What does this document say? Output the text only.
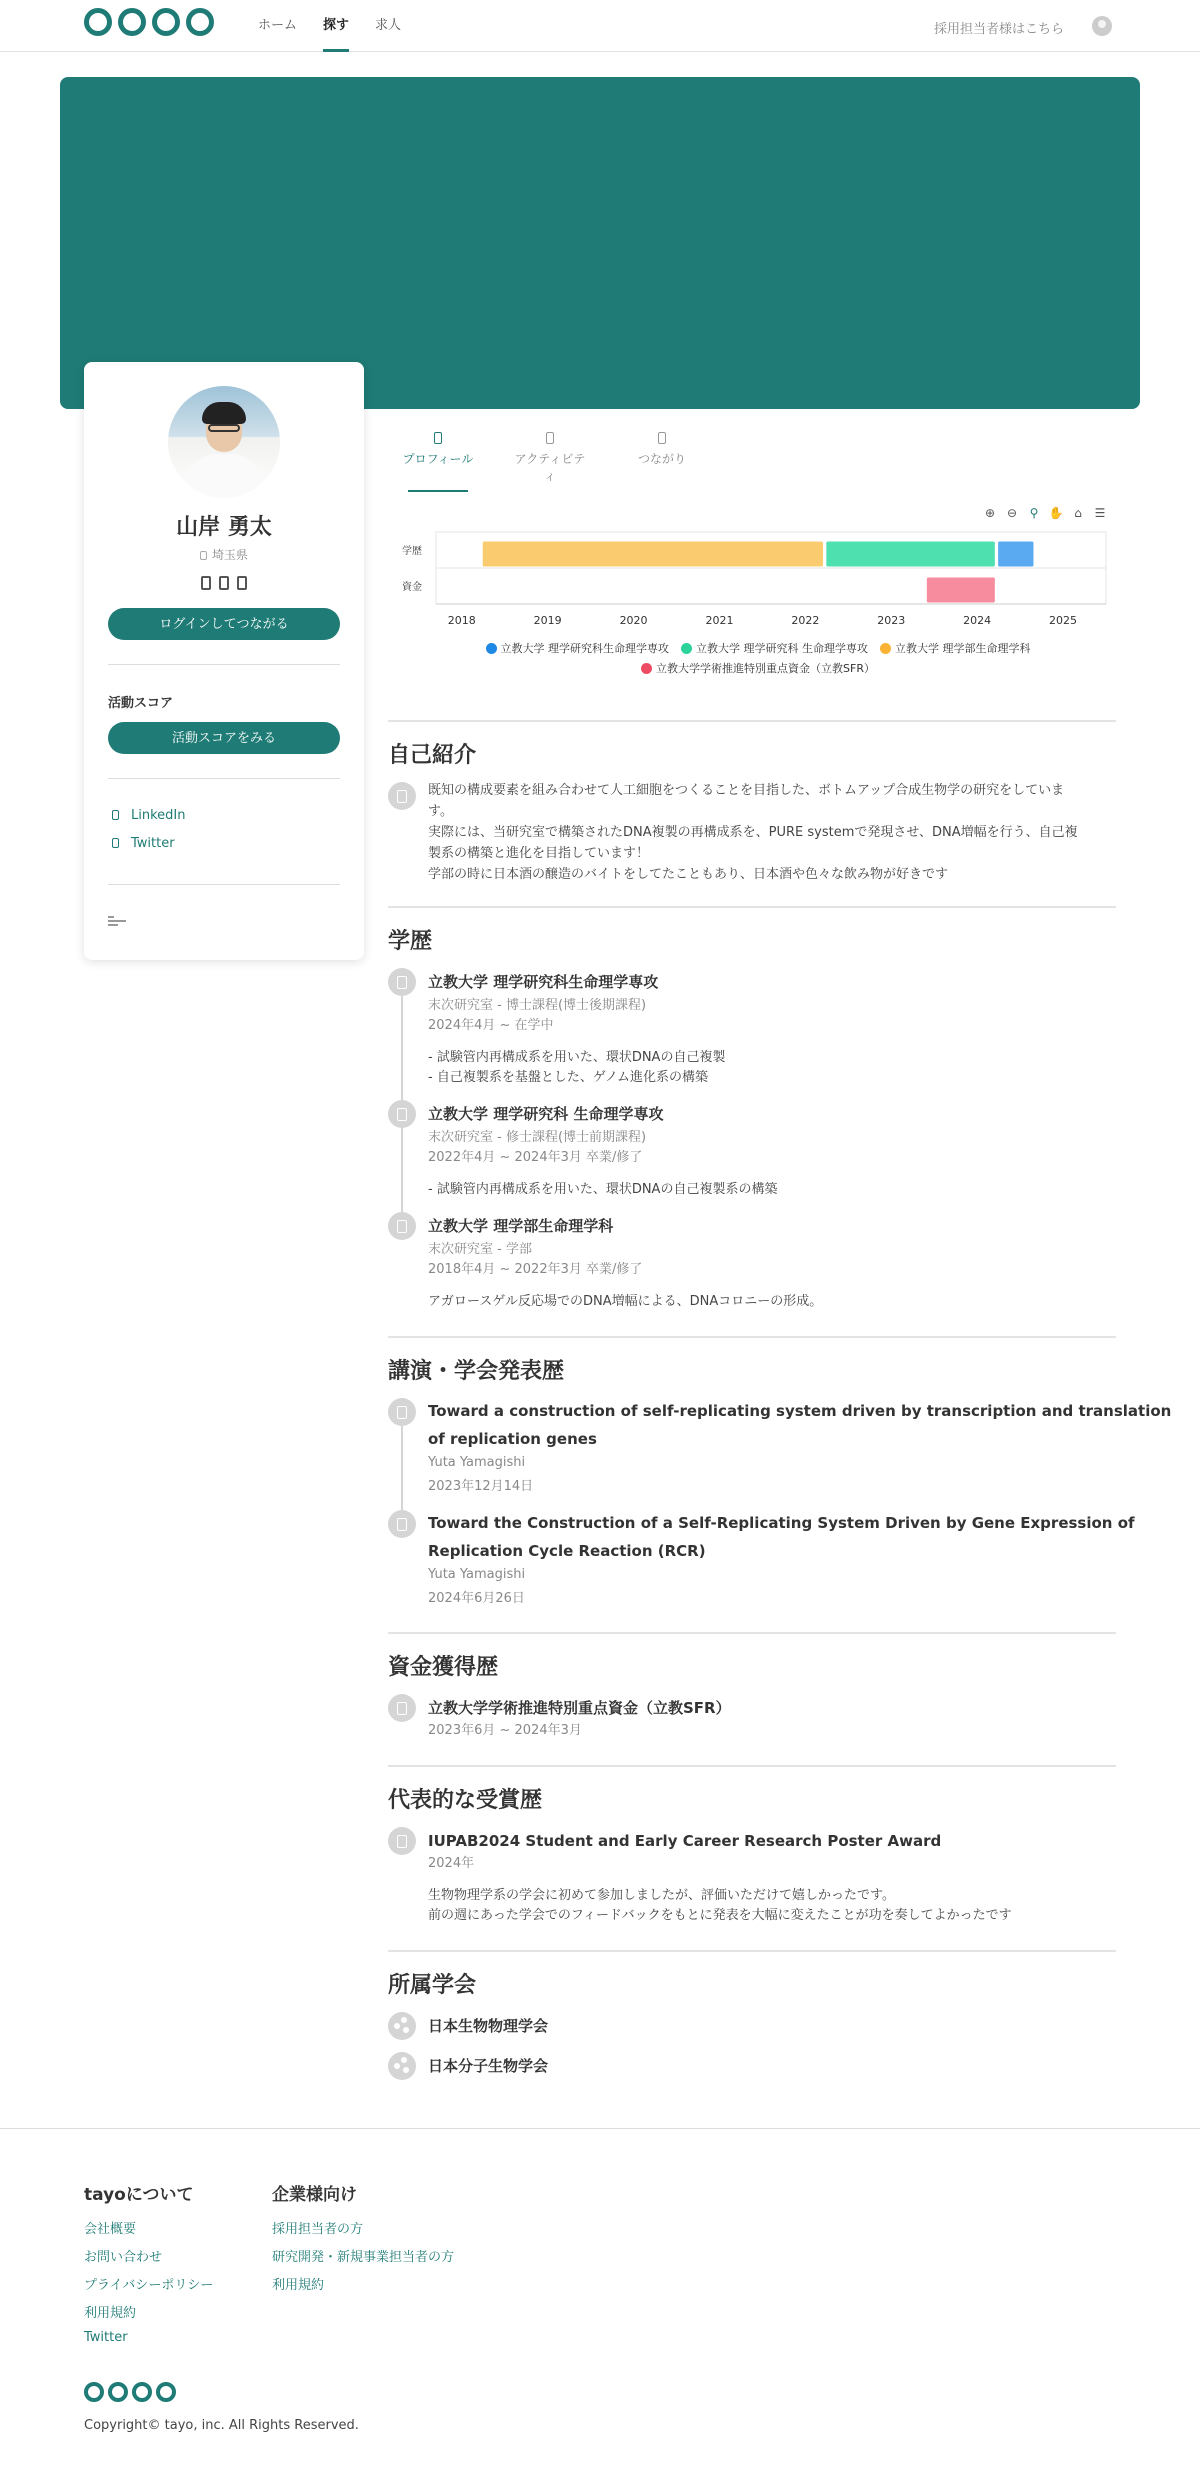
ホーム 探す 求人	採用担当者様はこちら
山岸 勇太
埼玉県
ログインしてつながる
活動スコア
活動スコアをみる
LinkedIn
Twitter
プロフィール	アクティビティ
つながり
⊕ ⊖ ⚲ ✋ ⌂	☰
学歴
資金
2018	2019	2020	2021	2022	2023	2024	2025
立教大学 理学研究科生命理学専攻 立教大学 理学研究科 生命理学専攻 立教大学 理学部生命理学科
立教大学学術推進特別重点資金（立教SFR）
自己紹介
既知の構成要素を組み合わせて人工細胞をつくることを目指した、ボトムアップ合成生物学の研究をしていま
す。
実際には、当研究室で構築されたDNA複製の再構成系を、PURE systemで発現させ、DNA増幅を行う、自己複
製系の構築と進化を目指しています！
学部の時に日本酒の醸造のバイトをしてたこともあり、日本酒や色々な飲み物が好きです
学歴
立教大学 理学研究科生命理学専攻
末次研究室 - 博士課程(博士後期課程)
2024年4月 ~ 在学中
- 試験管内再構成系を用いた、環状DNAの自己複製
- 自己複製系を基盤とした、ゲノム進化系の構築
立教大学 理学研究科 生命理学専攻
末次研究室 - 修士課程(博士前期課程)
2022年4月 ~ 2024年3月 卒業/修了
- 試験管内再構成系を用いた、環状DNAの自己複製系の構築
立教大学 理学部生命理学科
末次研究室 - 学部
2018年4月 ~ 2022年3月 卒業/修了
アガロースゲル反応場でのDNA増幅による、DNAコロニーの形成。
講演・学会発表歴
Toward a construction of self-replicating system driven by transcription and translation
of replication genes
Yuta Yamagishi
2023年12月14日
Toward the Construction of a Self-Replicating System Driven by Gene Expression of
Replication Cycle Reaction (RCR)
Yuta Yamagishi
2024年6月26日
資金獲得歴
立教大学学術推進特別重点資金（立教SFR）
2023年6月 ~ 2024年3月
代表的な受賞歴
IUPAB2024 Student and Early Career Research Poster Award
2024年
生物物理学系の学会に初めて参加しましたが、評価いただけて嬉しかったです。
前の週にあった学会でのフィードバックをもとに発表を大幅に変えたことが功を奏してよかったです
所属学会
日本生物物理学会
日本分子生物学会
tayoについて
会社概要
お問い合わせ
プライバシーポリシー
利用規約
Twitter
企業様向け
採用担当者の方
研究開発・新規事業担当者の方
利用規約
Copyright© tayo, inc. All Rights Reserved.
